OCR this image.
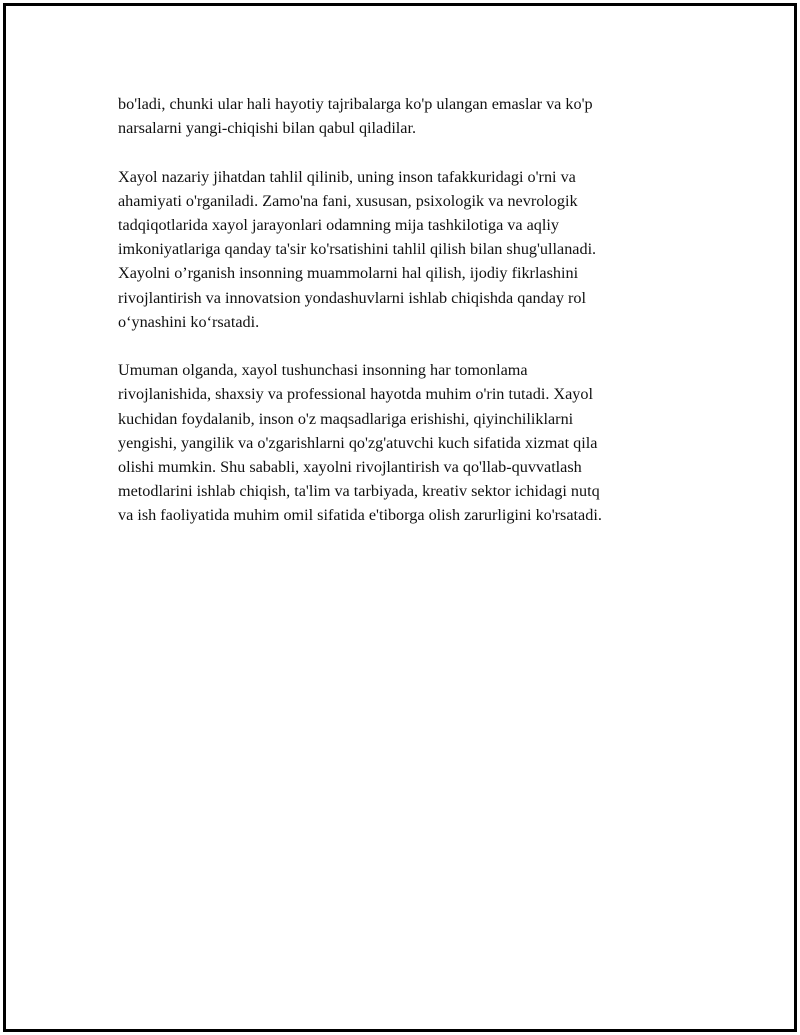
bo'ladi, chunki ular hali hayotiy tajribalarga ko'p ulangan emaslar va ko'p
narsalarni yangi-chiqishi bilan qabul qiladilar.

Xayol nazariy jihatdan tahlil qilinib, uning inson tafakkuridagi o'rni va
ahamiyati o'rganiladi. Zamo'na fani, xususan, psixologik va nevrologik
tadqiqotlarida xayol jarayonlari odamning mija tashkilotiga va aqliy
imkoniyatlariga qanday ta'sir ko'rsatishini tahlil qilish bilan shug'ullanadi.
Xayolni o’rganish insonning muammolarni hal qilish, ijodiy fikrlashini
rivojlantirish va innovatsion yondashuvlarni ishlab chiqishda qanday rol
o‘ynashini ko‘rsatadi.

Umuman olganda, xayol tushunchasi insonning har tomonlama
rivojlanishida, shaxsiy va professional hayotda muhim o'rin tutadi. Xayol
kuchidan foydalanib, inson o'z maqsadlariga erishishi, qiyinchiliklarni
yengishi, yangilik va o'zgarishlarni qo'zg'atuvchi kuch sifatida xizmat qila
olishi mumkin. Shu sababli, xayolni rivojlantirish va qo'llab-quvvatlash
metodlarini ishlab chiqish, ta'lim va tarbiyada, kreativ sektor ichidagi nutq
va ish faoliyatida muhim omil sifatida e'tiborga olish zarurligini ko'rsatadi.
